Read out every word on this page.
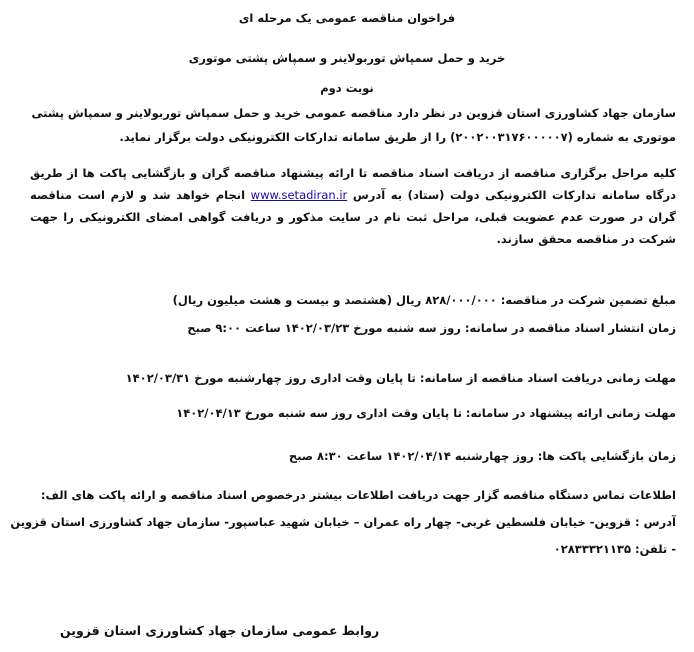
فراخوان مناقصه عمومی یک مرحله ای
خرید و حمل سمپاش توربولاینر و سمپاش پشتی موتوری
نوبت دوم
سازمان جهاد کشاورزی استان قزوین در نظر دارد مناقصه عمومی خرید و حمل سمپاش توربولاینر و سمپاش پشتی
موتوری به شماره (۲۰۰۲۰۰۳۱۷۶۰۰۰۰۰۷) را از طریق سامانه تدارکات الکترونیکی دولت برگزار نماید.
کلیه مراحل برگزاری مناقصه از دریافت اسناد مناقصه تا ارائه پیشنهاد مناقصه گران و بازگشایی پاکت ها از طریق درگاه سامانه تدارکات الکترونیکی دولت (ستاد) به آدرس www.setadiran.ir انجام خواهد شد و لازم است مناقصه گران در صورت عدم عضویت قبلی، مراحل ثبت نام در سایت مذکور و دریافت گواهی امضای الکترونیکی را جهت شرکت در مناقصه محقق سازند.
مبلغ تضمین شرکت در مناقصه: ۸۲۸/۰۰۰/۰۰۰ ریال (هشتصد و بیست و هشت میلیون ریال)
زمان انتشار اسناد مناقصه در سامانه: روز سه شنبه مورخ ۱۴۰۲/۰۳/۲۳ ساعت ۹:۰۰ صبح
مهلت زمانی دریافت اسناد مناقصه از سامانه: تا پایان وقت اداری روز چهارشنبه مورخ ۱۴۰۲/۰۳/۳۱
مهلت زمانی ارائه پیشنهاد در سامانه: تا پایان وقت اداری روز سه شنبه مورخ ۱۴۰۲/۰۴/۱۳
زمان بازگشایی پاکت ها: روز چهارشنبه ۱۴۰۲/۰۴/۱۴ ساعت ۸:۳۰ صبح
اطلاعات تماس دستگاه مناقصه گزار جهت دریافت اطلاعات بیشتر درخصوص اسناد مناقصه و ارائه پاکت های الف:
آدرس : قزوین- خیابان فلسطین غربی- چهار راه عمران – خیابان شهید عباسپور- سازمان جهاد کشاورزی استان قزوین
- تلفن: ۰۲۸۳۳۳۲۱۱۳۵
روابط عمومی سازمان جهاد کشاورزی استان قزوین
